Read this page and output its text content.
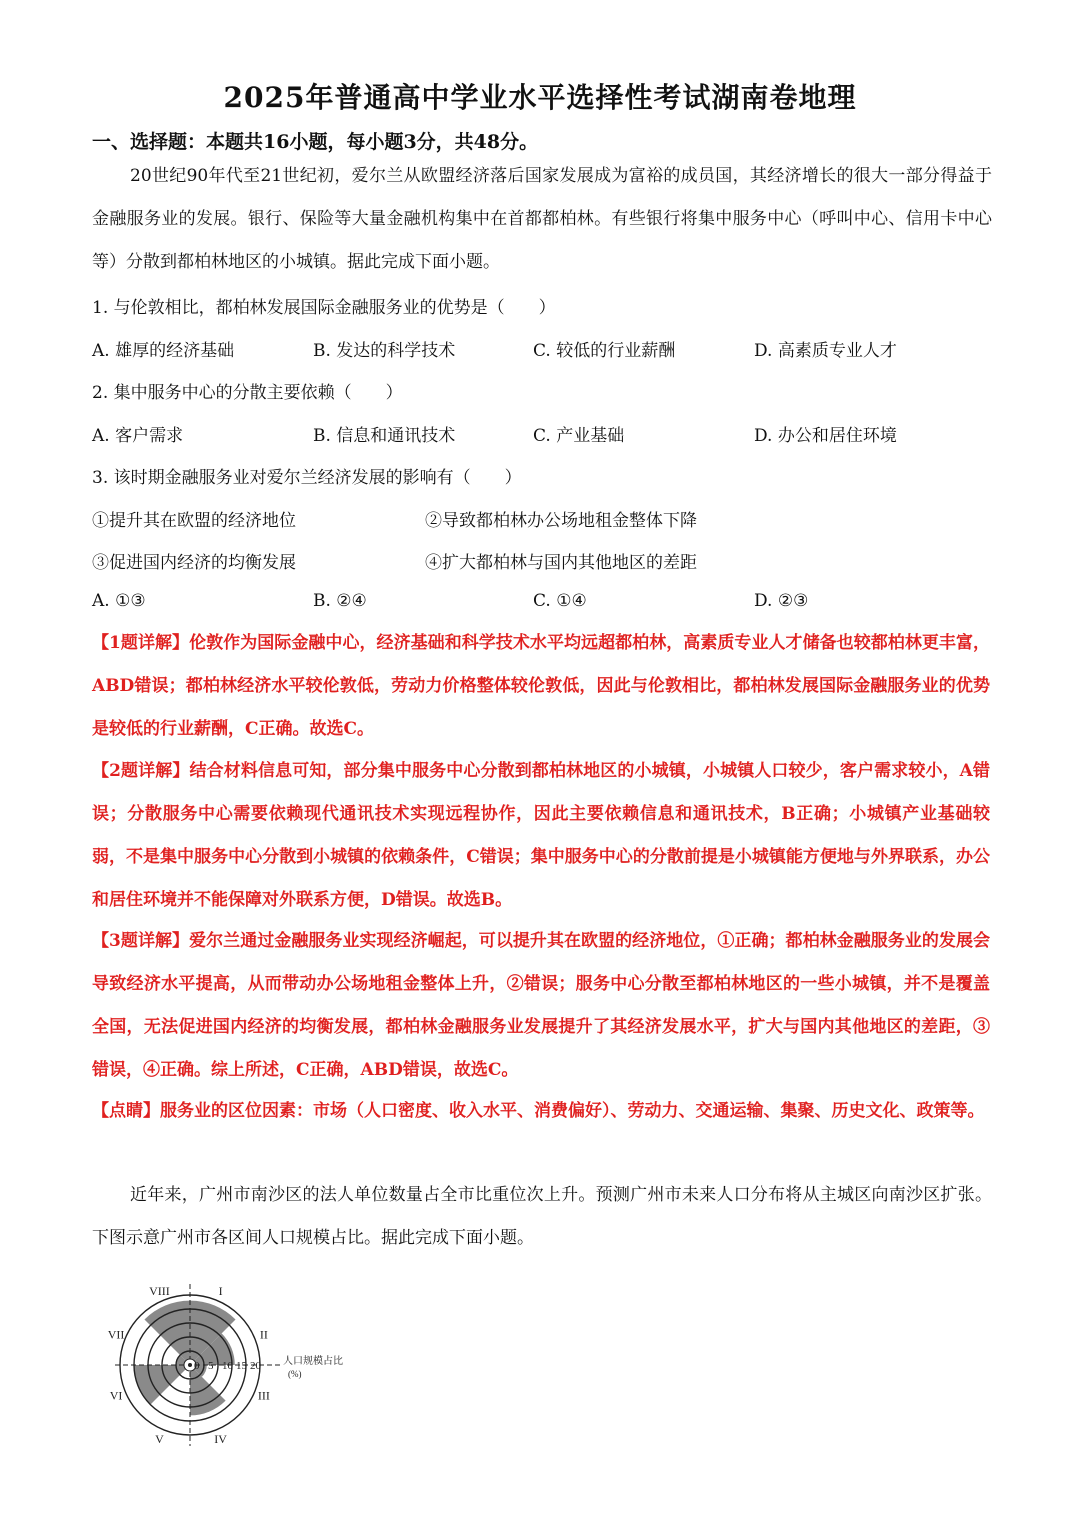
2025年普通高中学业水平选择性考试湖南卷地理
一、选择题：本题共16小题，每小题3分，共48分。
20世纪90年代至21世纪初，爱尔兰从欧盟经济落后国家发展成为富裕的成员国，其经济增长的很大一部分得益于金融服务业的发展。银行、保险等大量金融机构集中在首都都柏林。有些银行将集中服务中心（呼叫中心、信用卡中心等）分散到都柏林地区的小城镇。据此完成下面小题。
1. 与伦敦相比，都柏林发展国际金融服务业的优势是（　　）
A. 雄厚的经济基础	B. 发达的科学技术	C. 较低的行业薪酬	D. 高素质专业人才
2. 集中服务中心的分散主要依赖（　　）
A. 客户需求	B. 信息和通讯技术	C. 产业基础	D. 办公和居住环境
3. 该时期金融服务业对爱尔兰经济发展的影响有（　　）
①提升其在欧盟的经济地位	②导致都柏林办公场地租金整体下降
③促进国内经济的均衡发展	④扩大都柏林与国内其他地区的差距
A. ①③	B. ②④	C. ①④	D. ②③
【1题详解】伦敦作为国际金融中心，经济基础和科学技术水平均远超都柏林，高素质专业人才储备也较都柏林更丰富，ABD错误；都柏林经济水平较伦敦低，劳动力价格整体较伦敦低，因此与伦敦相比，都柏林发展国际金融服务业的优势是较低的行业薪酬，C正确。故选C。
【2题详解】结合材料信息可知，部分集中服务中心分散到都柏林地区的小城镇，小城镇人口较少，客户需求较小，A错误；分散服务中心需要依赖现代通讯技术实现远程协作，因此主要依赖信息和通讯技术，B正确；小城镇产业基础较弱，不是集中服务中心分散到小城镇的依赖条件，C错误；集中服务中心的分散前提是小城镇能方便地与外界联系，办公和居住环境并不能保障对外联系方便，D错误。故选B。
【3题详解】爱尔兰通过金融服务业实现经济崛起，可以提升其在欧盟的经济地位，①正确；都柏林金融服务业的发展会导致经济水平提高，从而带动办公场地租金整体上升，②错误；服务中心分散至都柏林地区的一些小城镇，并不是覆盖全国，无法促进国内经济的均衡发展，都柏林金融服务业发展提升了其经济发展水平，扩大与国内其他地区的差距，③错误，④正确。综上所述，C正确，ABD错误，故选C。
【点睛】服务业的区位因素：市场（人口密度、收入水平、消费偏好）、劳动力、交通运输、集聚、历史文化、政策等。
近年来，广州市南沙区的法人单位数量占全市比重位次上升。预测广州市未来人口分布将从主城区向南沙区扩张。下图示意广州市各区间人口规模占比。据此完成下面小题。
I
II
III
IV
V
VI
VII
VIII
0 5 10 15 20 人口规模占比
(%)
